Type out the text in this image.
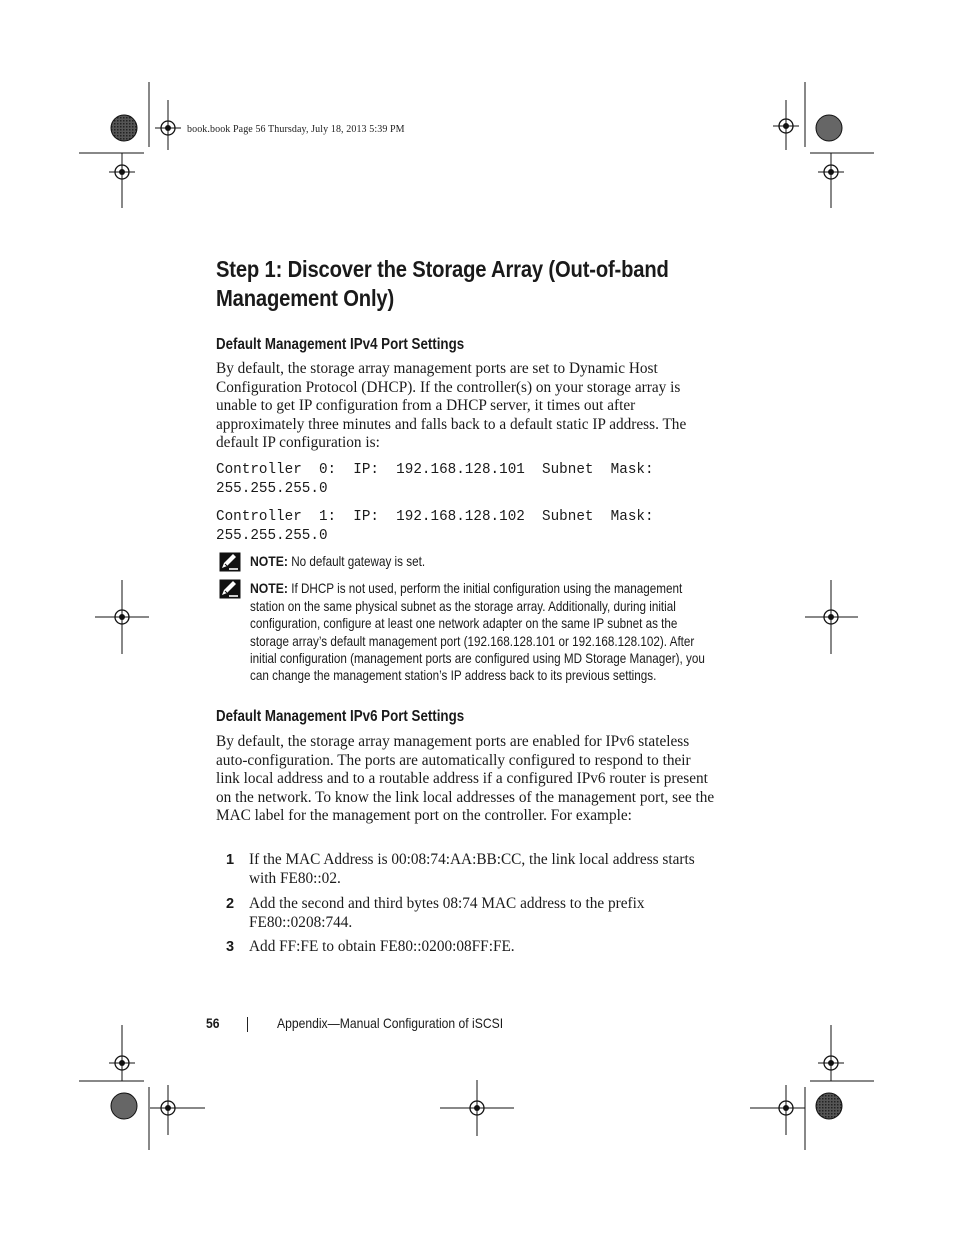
book.book Page 56 Thursday, July 18, 2013 5:39 PM
Step 1: Discover the Storage Array (Out-of-band
Management Only)
Default Management IPv4 Port Settings
By default, the storage array management ports are set to Dynamic Host Configuration Protocol (DHCP). If the controller(s) on your storage array is unable to get IP configuration from a DHCP server, it times out after approximately three minutes and falls back to a default static IP address. The default IP configuration is:
Controller  0:  IP:  192.168.128.101  Subnet  Mask:
255.255.255.0
Controller  1:  IP:  192.168.128.102  Subnet  Mask:
255.255.255.0
NOTE: No default gateway is set.
NOTE: If DHCP is not used, perform the initial configuration using the management station on the same physical subnet as the storage array. Additionally, during initial configuration, configure at least one network adapter on the same IP subnet as the storage array’s default management port (192.168.128.101 or 192.168.128.102). After initial configuration (management ports are configured using MD Storage Manager), you can change the management station’s IP address back to its previous settings.
Default Management IPv6 Port Settings
By default, the storage array management ports are enabled for IPv6 stateless auto-configuration. The ports are automatically configured to respond to their link local address and to a routable address if a configured IPv6 router is present on the network. To know the link local addresses of the management port, see the MAC label for the management port on the controller. For example:
1 If the MAC Address is 00:08:74:AA:BB:CC, the link local address starts with FE80::02.
2 Add the second and third bytes 08:74 MAC address to the prefix FE80::0208:744.
3 Add FF:FE to obtain FE80::0200:08FF:FE.
56	Appendix—Manual Configuration of iSCSI
